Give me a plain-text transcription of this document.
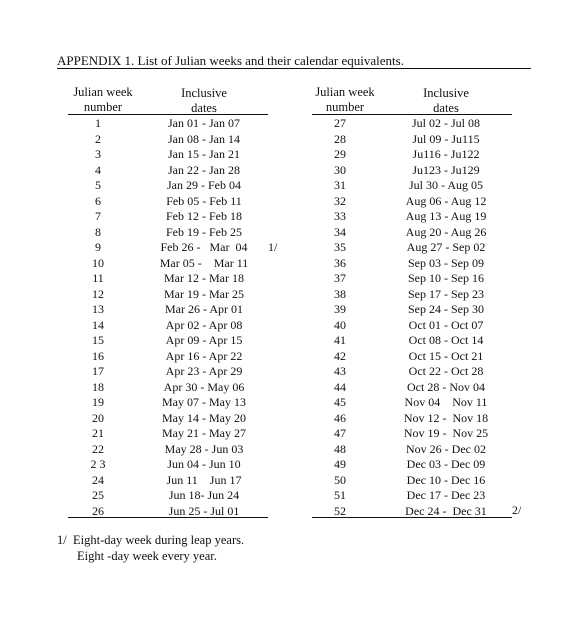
APPENDIX 1. List of Julian weeks and their calendar equivalents.
Julian week
number
Inclusive
dates
Julian week
number
Inclusive
dates
1
2
3
4
5
6
7
8
9
10
11
12
13
14
15
16
17
18
19
20
21
22
2 3
24
25
26
Jan 01 - Jan 07
Jan 08 - Jan 14
Jan 15 - Jan 21
Jan 22 - Jan 28
Jan 29 - Feb 04
Feb 05 - Feb 11
Feb 12 - Feb 18
Feb 19 - Feb 25
Feb 26 -   Mar  04
Mar 05 -    Mar 11
Mar 12 - Mar 18
Mar 19 - Mar 25
Mar 26 - Apr 01
Apr 02 - Apr 08
Apr 09 - Apr 15
Apr 16 - Apr 22
Apr 23 - Apr 29
Apr 30 - May 06
May 07 - May 13
May 14 - May 20
May 21 - May 27
May 28 - Jun 03
Jun 04 - Jun 10
Jun 11    Jun 17
Jun 18- Jun 24
Jun 25 - Jul 01
1/
27
28
29
30
31
32
33
34
35
36
37
38
39
40
41
42
43
44
45
46
47
48
49
50
51
52
Jul 02 - Jul 08
Jul 09 - Ju115
Ju116 - Ju122
Ju123 - Ju129
Jul 30 - Aug 05
Aug 06 - Aug 12
Aug 13 - Aug 19
Aug 20 - Aug 26
Aug 27 - Sep 02
Sep 03 - Sep 09
Sep 10 - Sep 16
Sep 17 - Sep 23
Sep 24 - Sep 30
Oct 01 - Oct 07
Oct 08 - Oct 14
Oct 15 - Oct 21
Oct 22 - Oct 28
Oct 28 - Nov 04
Nov 04    Nov 11
Nov 12 -  Nov 18
Nov 19 -  Nov 25
Nov 26 - Dec 02
Dec 03 - Dec 09
Dec 10 - Dec 16
Dec 17 - Dec 23
Dec 24 -  Dec 31	2/
1/ Eight-day week during leap years.
Eight -day week every year.
